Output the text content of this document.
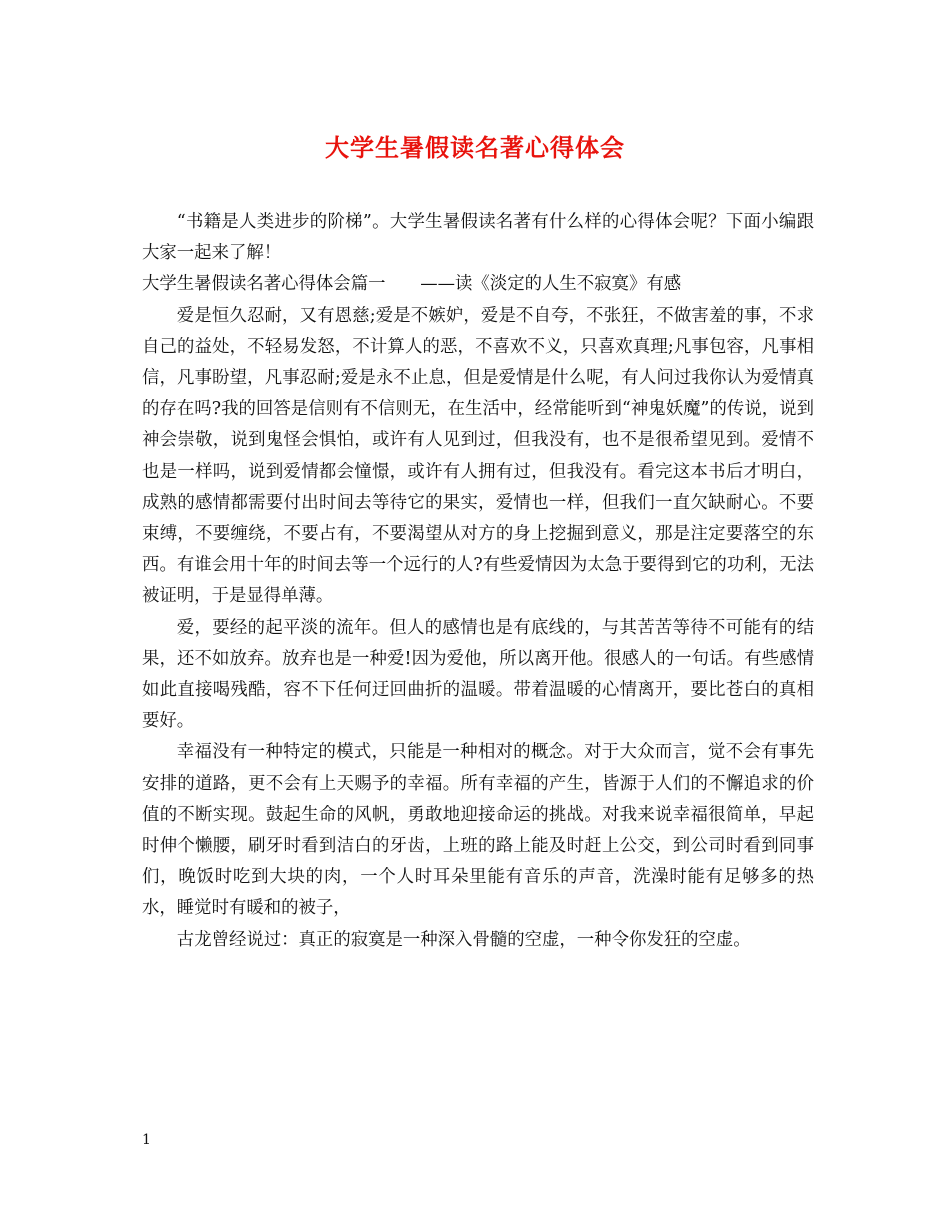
大学生暑假读名著心得体会

“书籍是人类进步的阶梯”。大学生暑假读名著有什么样的心得体会呢？下面小编跟大家一起来了解！

大学生暑假读名著心得体会篇一　　——读《淡定的人生不寂寞》有感

爱是恒久忍耐，又有恩慈;爱是不嫉妒，爱是不自夸，不张狂，不做害羞的事，不求自己的益处，不轻易发怒，不计算人的恶，不喜欢不义，只喜欢真理;凡事包容，凡事相信，凡事盼望，凡事忍耐;爱是永不止息，但是爱情是什么呢，有人问过我你认为爱情真的存在吗?我的回答是信则有不信则无，在生活中，经常能听到“神鬼妖魔”的传说，说到神会崇敬，说到鬼怪会惧怕，或许有人见到过，但我没有，也不是很希望见到。爱情不也是一样吗，说到爱情都会憧憬，或许有人拥有过，但我没有。看完这本书后才明白，成熟的感情都需要付出时间去等待它的果实，爱情也一样，但我们一直欠缺耐心。不要束缚，不要缠绕，不要占有，不要渴望从对方的身上挖掘到意义，那是注定要落空的东西。有谁会用十年的时间去等一个远行的人?有些爱情因为太急于要得到它的功利，无法被证明，于是显得单薄。

爱，要经的起平淡的流年。但人的感情也是有底线的，与其苦苦等待不可能有的结果，还不如放弃。放弃也是一种爱!因为爱他，所以离开他。很感人的一句话。有些感情如此直接喝残酷，容不下任何迂回曲折的温暖。带着温暖的心情离开，要比苍白的真相要好。

幸福没有一种特定的模式，只能是一种相对的概念。对于大众而言，觉不会有事先安排的道路，更不会有上天赐予的幸福。所有幸福的产生，皆源于人们的不懈追求的价值的不断实现。鼓起生命的风帆，勇敢地迎接命运的挑战。对我来说幸福很简单，早起时伸个懒腰，刷牙时看到洁白的牙齿，上班的路上能及时赶上公交，到公司时看到同事们，晚饭时吃到大块的肉，一个人时耳朵里能有音乐的声音，洗澡时能有足够多的热水，睡觉时有暖和的被子，

古龙曾经说过：真正的寂寞是一种深入骨髓的空虚，一种令你发狂的空虚。

1
